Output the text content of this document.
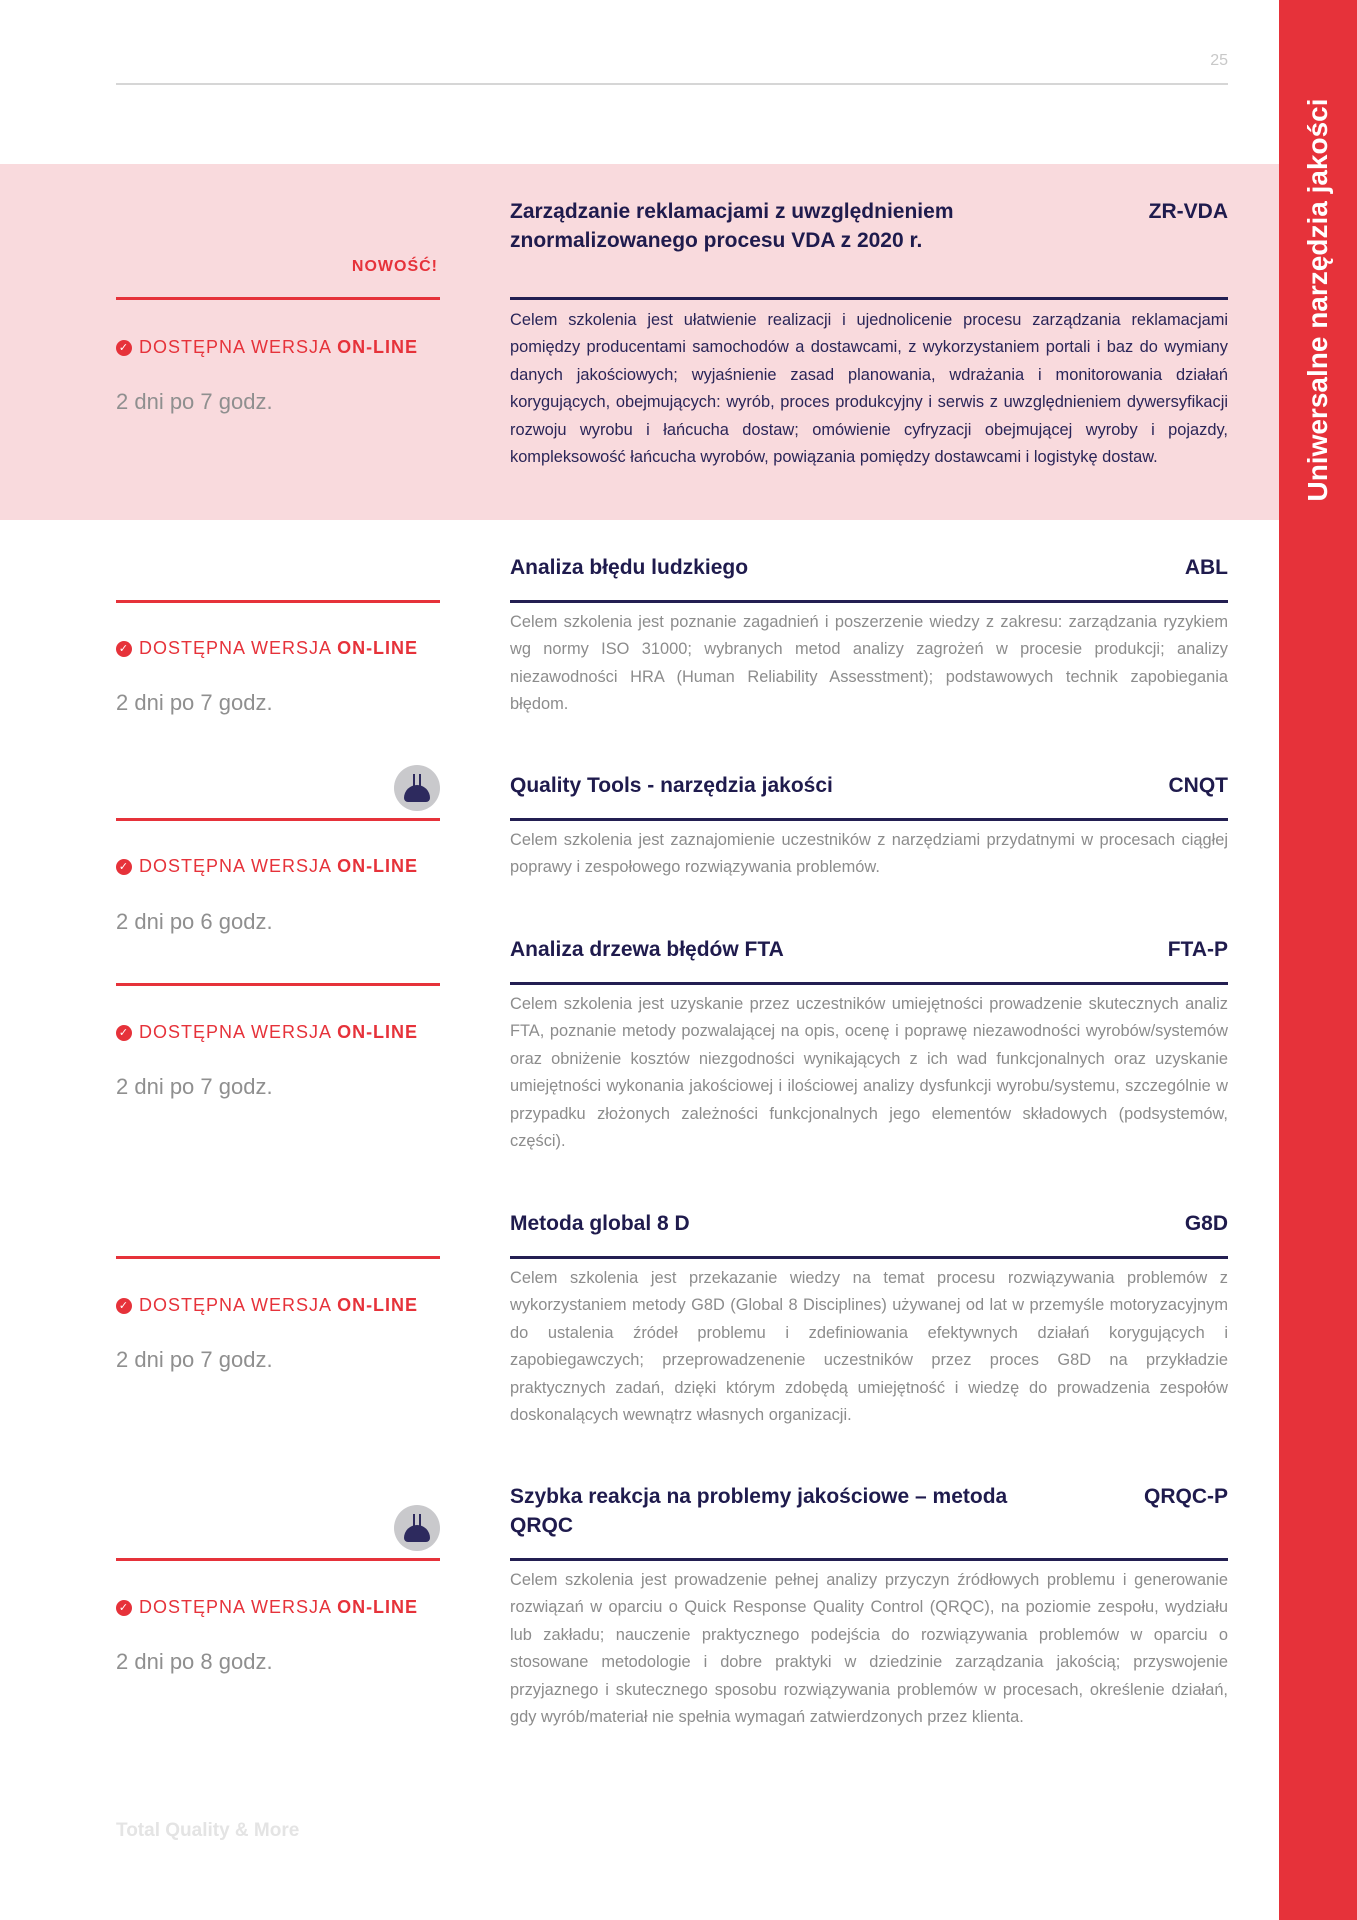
25
Uniwersalne narzędzia jakości
NOWOŚĆ!
✓ DOSTĘPNA WERSJA ON-LINE
2 dni po 7 godz.
Zarządzanie reklamacjami z uwzględnieniem znormalizowanego procesu VDA z 2020 r.
ZR-VDA
Celem szkolenia jest ułatwienie realizacji i ujednolicenie procesu zarządzania reklamacjami pomiędzy producentami samochodów a dostawcami, z wykorzystaniem portali i baz do wymiany danych jakościowych; wyjaśnienie zasad planowania, wdrażania i monitorowania działań korygujących, obejmujących: wyrób, proces produkcyjny i serwis z uwzględnieniem dywersyfikacji rozwoju wyrobu i łańcucha dostaw; omówienie cyfryzacji obejmującej wyroby i pojazdy, kompleksowość łańcucha wyrobów, powiązania pomiędzy dostawcami i logistykę dostaw.
✓ DOSTĘPNA WERSJA ON-LINE
2 dni po 7 godz.
Analiza błędu ludzkiego	ABL
Celem szkolenia jest poznanie zagadnień i poszerzenie wiedzy z zakresu: zarządzania ryzykiem wg normy ISO 31000; wybranych metod analizy zagrożeń w procesie produkcji; analizy niezawodności HRA (Human Reliability Assesstment); podstawowych technik zapobiegania błędom.
✓ DOSTĘPNA WERSJA ON-LINE
2 dni po 6 godz.
Quality Tools - narzędzia jakości	CNQT
Celem szkolenia jest zaznajomienie uczestników z narzędziami przydatnymi w procesach ciągłej poprawy i zespołowego rozwiązywania problemów.
✓ DOSTĘPNA WERSJA ON-LINE
2 dni po 7 godz.
Analiza drzewa błędów FTA	FTA-P
Celem szkolenia jest uzyskanie przez uczestników umiejętności prowadzenie skutecznych analiz FTA, poznanie metody pozwalającej na opis, ocenę i poprawę niezawodności wyrobów/systemów oraz obniżenie kosztów niezgodności wynikających z ich wad funkcjonalnych oraz uzyskanie umiejętności wykonania jakościowej i ilościowej analizy dysfunkcji wyrobu/systemu, szczególnie w przypadku złożonych zależności funkcjonalnych jego elementów składowych (podsystemów, części).
✓ DOSTĘPNA WERSJA ON-LINE
2 dni po 7 godz.
Metoda global 8 D	G8D
Celem szkolenia jest przekazanie wiedzy na temat procesu rozwiązywania problemów z wykorzystaniem metody G8D (Global 8 Disciplines) używanej od lat w przemyśle motoryzacyjnym do ustalenia źródeł problemu i zdefiniowania efektywnych działań korygujących i zapobiegawczych; przeprowadzenenie uczestników przez proces G8D na przykładzie praktycznych zadań, dzięki którym zdobędą umiejętność i wiedzę do prowadzenia zespołów doskonalących wewnątrz własnych organizacji.
✓ DOSTĘPNA WERSJA ON-LINE
2 dni po 8 godz.
Szybka reakcja na problemy jakościowe – metoda QRQC
QRQC-P
Celem szkolenia jest prowadzenie pełnej analizy przyczyn źródłowych problemu i generowanie rozwiązań w oparciu o Quick Response Quality Control (QRQC), na poziomie zespołu, wydziału lub zakładu; nauczenie praktycznego podejścia do rozwiązywania problemów w oparciu o stosowane metodologie i dobre praktyki w dziedzinie zarządzania jakością; przyswojenie przyjaznego i skutecznego sposobu rozwiązywania problemów w procesach, określenie działań, gdy wyrób/materiał nie spełnia wymagań zatwierdzonych przez klienta.
Total Quality & More
